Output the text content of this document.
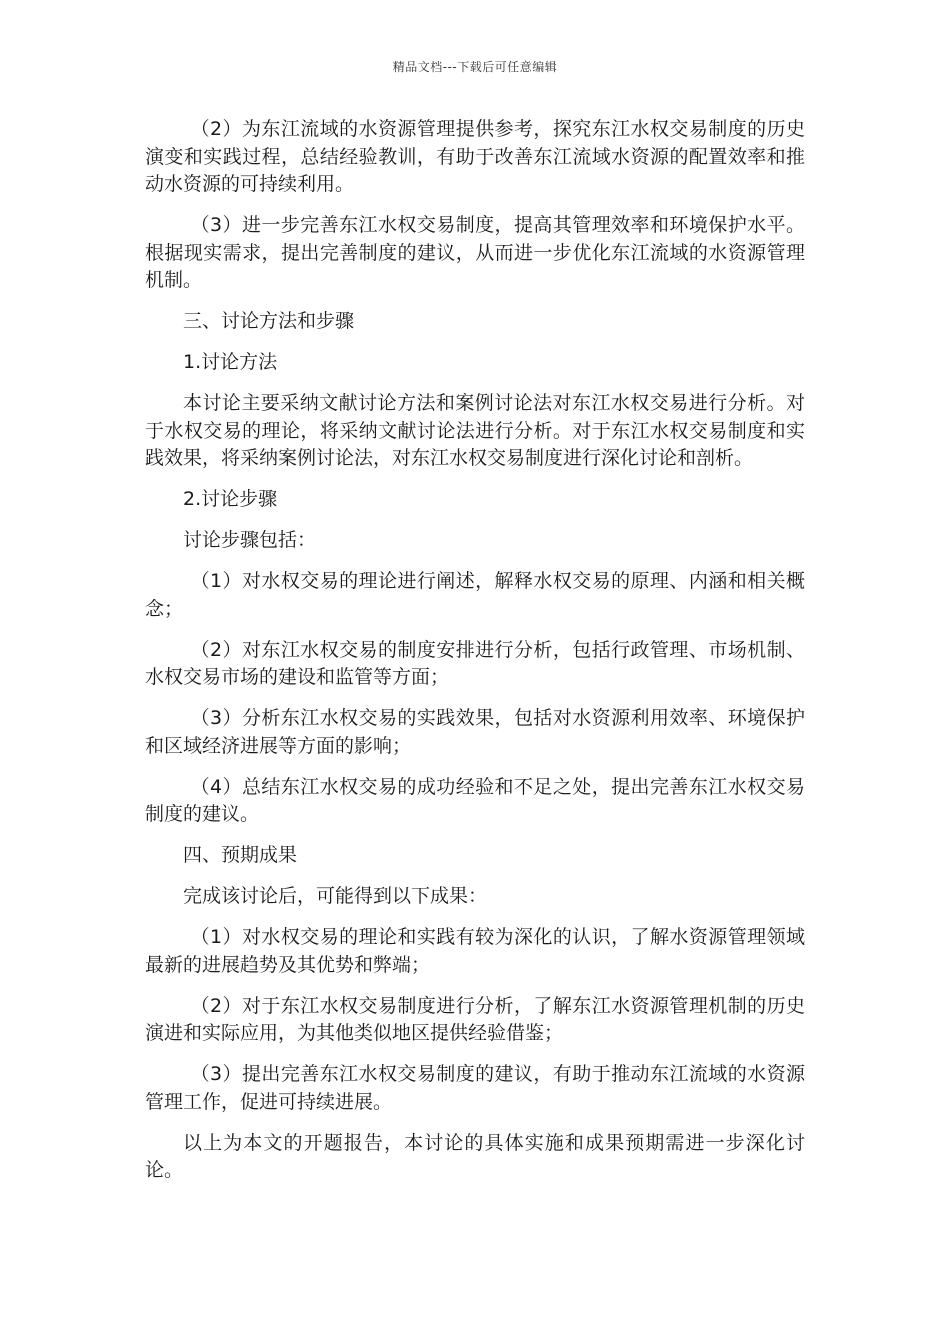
精品文档---下载后可任意编辑

（2）为东江流域的水资源管理提供参考，探究东江水权交易制度的历史演变和实践过程，总结经验教训，有助于改善东江流域水资源的配置效率和推动水资源的可持续利用。

（3）进一步完善东江水权交易制度，提高其管理效率和环境保护水平。根据现实需求，提出完善制度的建议，从而进一步优化东江流域的水资源管理机制。

三、讨论方法和步骤

1.讨论方法

本讨论主要采纳文献讨论方法和案例讨论法对东江水权交易进行分析。对于水权交易的理论，将采纳文献讨论法进行分析。对于东江水权交易制度和实践效果，将采纳案例讨论法，对东江水权交易制度进行深化讨论和剖析。

2.讨论步骤

讨论步骤包括：

（1）对水权交易的理论进行阐述，解释水权交易的原理、内涵和相关概念；

（2）对东江水权交易的制度安排进行分析，包括行政管理、市场机制、水权交易市场的建设和监管等方面；

（3）分析东江水权交易的实践效果，包括对水资源利用效率、环境保护和区域经济进展等方面的影响；

（4）总结东江水权交易的成功经验和不足之处，提出完善东江水权交易制度的建议。

四、预期成果

完成该讨论后，可能得到以下成果：

（1）对水权交易的理论和实践有较为深化的认识，了解水资源管理领域最新的进展趋势及其优势和弊端；

（2）对于东江水权交易制度进行分析，了解东江水资源管理机制的历史演进和实际应用，为其他类似地区提供经验借鉴；

（3）提出完善东江水权交易制度的建议，有助于推动东江流域的水资源管理工作，促进可持续进展。

以上为本文的开题报告，本讨论的具体实施和成果预期需进一步深化讨论。
